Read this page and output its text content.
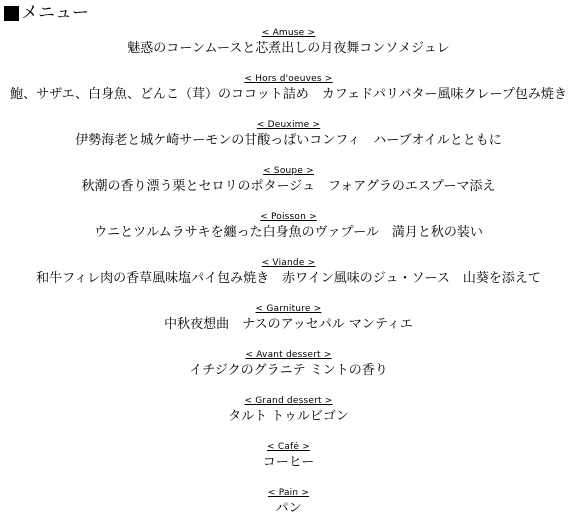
メニュー
< Amuse >
魅惑のコーンムースと芯煮出しの月夜舞コンソメジュレ
< Hors d'oeuves >
鮑、サザエ、白身魚、どんこ（茸）のココット詰め　カフェドパリバター風味クレープ包み焼き
< Deuxime >
伊勢海老と城ケ崎サーモンの甘酸っぱいコンフィ　ハーブオイルとともに
< Soupe >
秋潮の香り漂う栗とセロリのポタージュ　フォアグラのエスプーマ添え
< Poisson >
ウニとツルムラサキを纏った白身魚のヴァプール　満月と秋の装い
< Viande >
和牛フィレ肉の香草風味塩パイ包み焼き　赤ワイン風味のジュ・ソース　山葵を添えて
< Garniture >
中秋夜想曲　ナスのアッセパル マンティエ
< Avant dessert >
イチジクのグラニテ ミントの香り
< Grand dessert >
タルト トゥルビゴン
< Café >
コーヒー
< Pain >
パン
